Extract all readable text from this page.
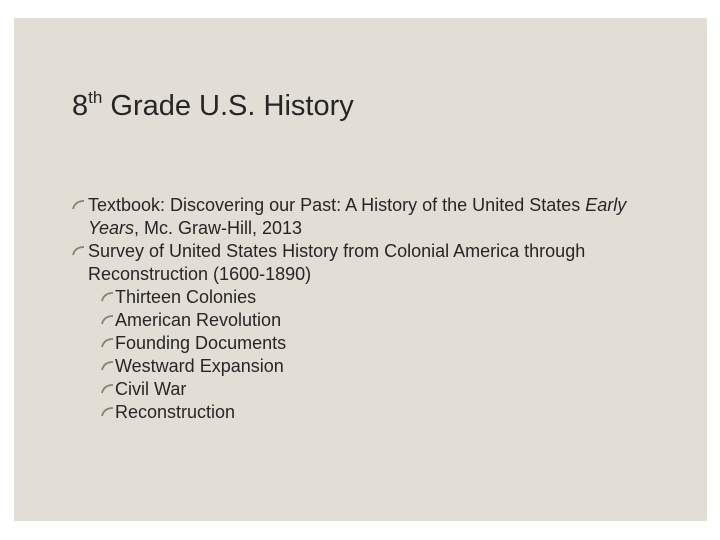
8th Grade U.S. History
Textbook: Discovering our Past: A History of the United States Early Years, Mc. Graw-Hill, 2013
Survey of United States History from Colonial America through Reconstruction (1600-1890)
Thirteen Colonies
American Revolution
Founding Documents
Westward Expansion
Civil War
Reconstruction
